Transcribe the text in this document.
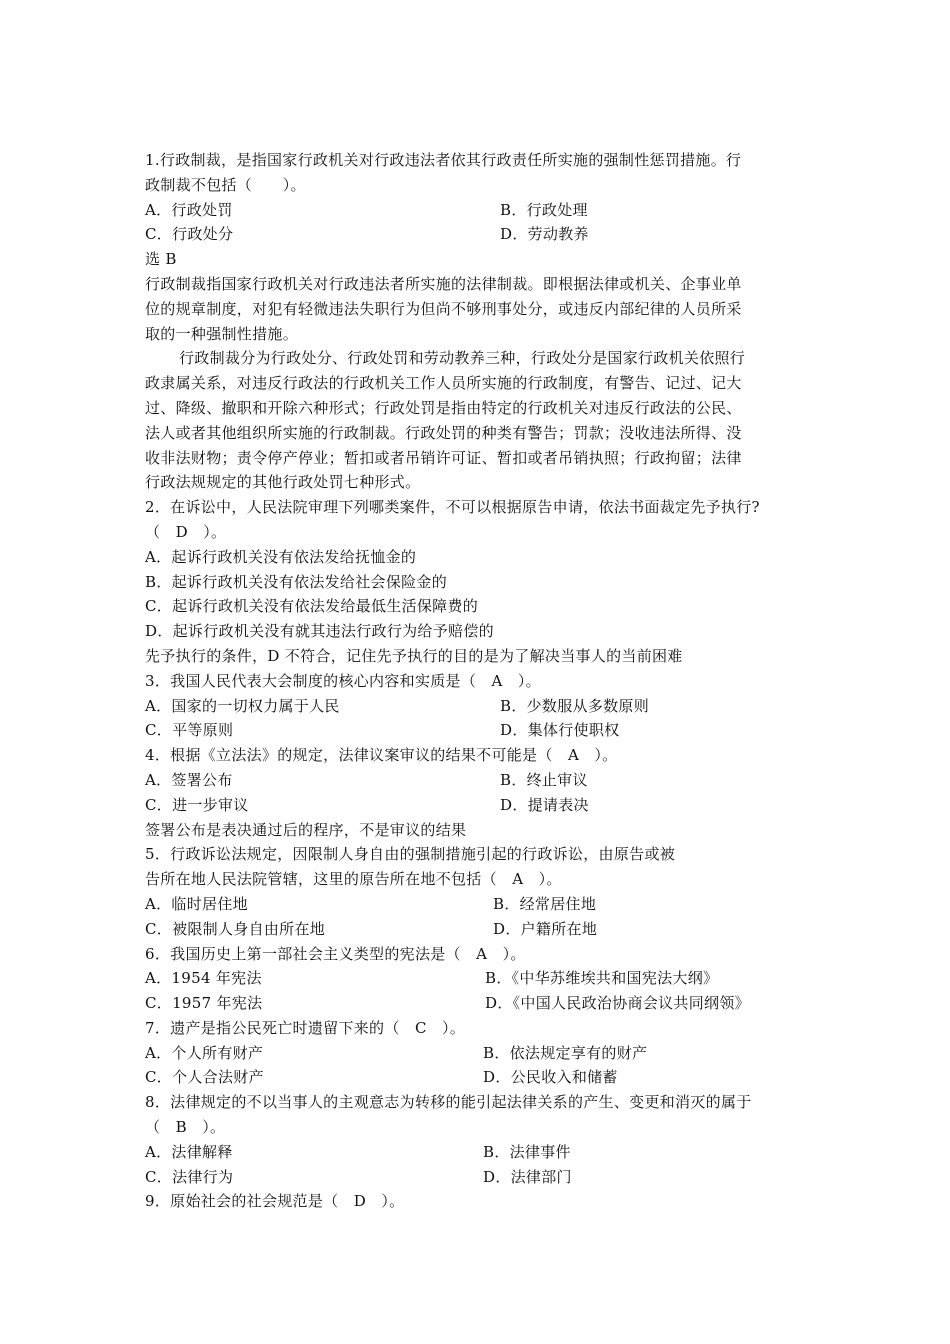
1.行政制裁，是指国家行政机关对行政违法者依其行政责任所实施的强制性惩罚措施。行
政制裁不包括（　　）。
A．行政处罚	B．行政处理
C．行政处分	D．劳动教养
选 B
行政制裁指国家行政机关对行政违法者所实施的法律制裁。即根据法律或机关、企事业单
位的规章制度，对犯有轻微违法失职行为但尚不够刑事处分，或违反内部纪律的人员所采
取的一种强制性措施。
行政制裁分为行政处分、行政处罚和劳动教养三种，行政处分是国家行政机关依照行
政隶属关系，对违反行政法的行政机关工作人员所实施的行政制度，有警告、记过、记大
过、降级、撤职和开除六种形式；行政处罚是指由特定的行政机关对违反行政法的公民、
法人或者其他组织所实施的行政制裁。行政处罚的种类有警告；罚款；没收违法所得、没
收非法财物；责令停产停业；暂扣或者吊销许可证、暂扣或者吊销执照；行政拘留；法律
行政法规规定的其他行政处罚七种形式。
2．在诉讼中，人民法院审理下列哪类案件，不可以根据原告申请，依法书面裁定先予执行?
（　D　）。
A．起诉行政机关没有依法发给抚恤金的
B．起诉行政机关没有依法发给社会保险金的
C．起诉行政机关没有依法发给最低生活保障费的
D．起诉行政机关没有就其违法行政行为给予赔偿的
先予执行的条件，D 不符合，记住先予执行的目的是为了解决当事人的当前困难
3．我国人民代表大会制度的核心内容和实质是（　A　）。
A．国家的一切权力属于人民	B．少数服从多数原则
C．平等原则	D．集体行使职权
4．根据《立法法》的规定，法律议案审议的结果不可能是（　A　）。
A．签署公布	B．终止审议
C．进一步审议	D．提请表决
签署公布是表决通过后的程序，不是审议的结果
5．行政诉讼法规定，因限制人身自由的强制措施引起的行政诉讼，由原告或被
告所在地人民法院管辖，这里的原告所在地不包括（　A　）。
A．临时居住地	B．经常居住地
C．被限制人身自由所在地	D．户籍所在地
6．我国历史上第一部社会主义类型的宪法是（　A　）。
A．1954 年宪法	B．《中华苏维埃共和国宪法大纲》
C．1957 年宪法	D．《中国人民政治协商会议共同纲领》
7．遗产是指公民死亡时遗留下来的（　C　）。
A．个人所有财产	B．依法规定享有的财产
C．个人合法财产	D．公民收入和储蓄
8．法律规定的不以当事人的主观意志为转移的能引起法律关系的产生、变更和消灭的属于
（　B　）。
A．法律解释	B．法律事件
C．法律行为	D．法律部门
9．原始社会的社会规范是（　D　）。
